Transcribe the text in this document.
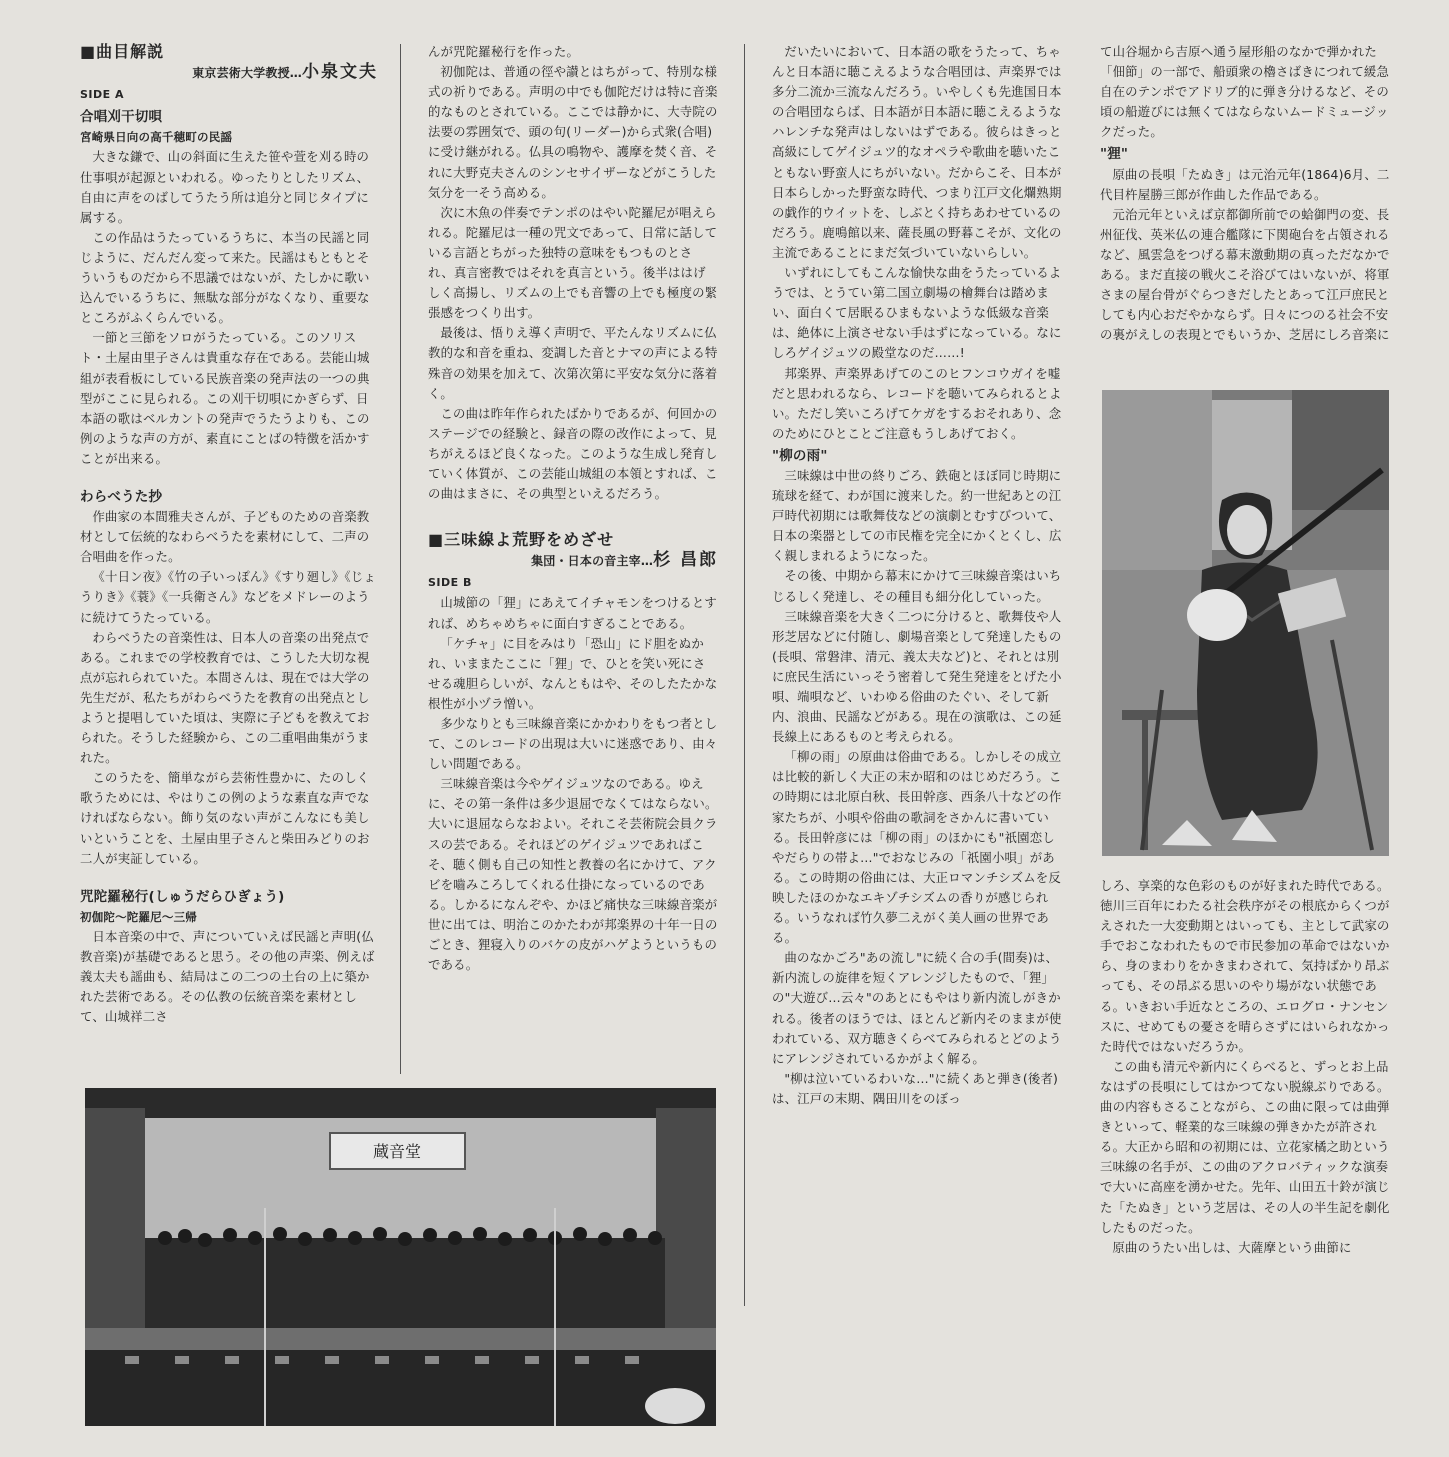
■曲目解説
東京芸術大学教授…小泉文夫
SIDE A
合唱刈干切唄
宮崎県日向の高千穂町の民謡

大きな鎌で、山の斜面に生えた笹や萱を刈る時の仕事唄が起源といわれる。ゆったりとしたリズム、自由に声をのばしてうたう所は追分と同じタイプに属する。

この作品はうたっているうちに、本当の民謡と同じように、だんだん変って来た。民謡はもともとそういうものだから不思議ではないが、たしかに歌い込んでいるうちに、無駄な部分がなくなり、重要なところがふくらんでいる。

一節と三節をソロがうたっている。このソリスト・土屋由里子さんは貴重な存在である。芸能山城組が表看板にしている民族音楽の発声法の一つの典型がここに見られる。この刈干切唄にかぎらず、日本語の歌はベルカントの発声でうたうよりも、この例のような声の方が、素直にことばの特徴を活かすことが出来る。

わらべうた抄

作曲家の本間雅夫さんが、子どものための音楽教材として伝統的なわらべうたを素材にして、二声の合唱曲を作った。

《十日ン夜》《竹の子いっぽん》《すり廻し》《じょうりき》《蓑》《一兵衛さん》などをメドレーのように続けてうたっている。

わらべうたの音楽性は、日本人の音楽の出発点である。これまでの学校教育では、こうした大切な視点が忘れられていた。本間さんは、現在では大学の先生だが、私たちがわらべうたを教育の出発点としようと提唱していた頃は、実際に子どもを教えておられた。そうした経験から、この二重唱曲集がうまれた。

このうたを、簡単ながら芸術性豊かに、たのしく歌うためには、やはりこの例のような素直な声でなければならない。飾り気のない声がこんなにも美しいということを、土屋由里子さんと柴田みどりのお二人が実証している。

咒陀羅秘行(しゅうだらひぎょう)
初伽陀～陀羅尼～三帰

日本音楽の中で、声についていえば民謡と声明(仏教音楽)が基礎であると思う。その他の声楽、例えば義太夫も謡曲も、結局はこの二つの土台の上に築かれた芸術である。その仏教の伝統音楽を素材として、山城祥二さ

んが咒陀羅秘行を作った。

初伽陀は、普通の徑や讃とはちがって、特別な様式の祈りである。声明の中でも伽陀だけは特に音楽的なものとされている。ここでは静かに、大寺院の法要の雰囲気で、頭の句(リーダー)から式衆(合唱)に受け継がれる。仏具の鳴物や、護摩を焚く音、それに大野克夫さんのシンセサイザーなどがこうした気分を一そう高める。

次に木魚の伴奏でテンポのはやい陀羅尼が唱えられる。陀羅尼は一種の咒文であって、日常に話している言語とちがった独特の意味をもつものとされ、真言密教ではそれを真言という。後半ははげしく高揚し、リズムの上でも音響の上でも極度の緊張感をつくり出す。

最後は、悟りえ導く声明で、平たんなリズムに仏教的な和音を重ね、変調した音とナマの声による特殊音の効果を加えて、次第次第に平安な気分に落着く。

この曲は昨年作られたばかりであるが、何回かのステージでの経験と、録音の際の改作によって、見ちがえるほど良くなった。このような生成し発育していく体質が、この芸能山城組の本領とすれば、この曲はまさに、その典型といえるだろう。

■三味線よ荒野をめざせ
集団・日本の音主宰…杉 昌郎
SIDE B

山城節の「狸」にあえてイチャモンをつけるとすれば、めちゃめちゃに面白すぎることである。

「ケチャ」に目をみはり「恐山」にド胆をぬかれ、いままたここに「狸」で、ひとを笑い死にさせる魂胆らしいが、なんともはや、そのしたたかな根性が小ヅラ憎い。

多少なりとも三味線音楽にかかわりをもつ者として、このレコードの出現は大いに迷惑であり、由々しい問題である。

三味線音楽は今やゲイジュツなのである。ゆえに、その第一条件は多少退屈でなくてはならない。大いに退屈ならなおよい。それこそ芸術院会員クラスの芸である。それほどのゲイジュツであればこそ、聴く側も自己の知性と教養の名にかけて、アクビを嚙みころしてくれる仕掛になっているのである。しかるになんぞや、かほど痛快な三味線音楽が世に出ては、明治このかたわが邦楽界の十年一日のごとき、狸寝入りのバケの皮がハゲようというものである。

だいたいにおいて、日本語の歌をうたって、ちゃんと日本語に聴こえるような合唱団は、声楽界では多分二流か三流なんだろう。いやしくも先進国日本の合唱団ならば、日本語が日本語に聴こえるようなハレンチな発声はしないはずである。彼らはきっと高級にしてゲイジュツ的なオペラや歌曲を聴いたこともない野蛮人にちがいない。だからこそ、日本が日本らしかった野蛮な時代、つまり江戸文化爛熟期の戯作的ウイットを、しぶとく持ちあわせているのだろう。鹿鳴館以来、薩長風の野暮こそが、文化の主流であることにまだ気づいていないらしい。

いずれにしてもこんな愉快な曲をうたっているようでは、とうてい第二国立劇場の檜舞台は踏めまい、面白くて居眠るひまもないような低級な音楽は、絶体に上演させない手はずになっている。なにしろゲイジュツの殿堂なのだ……!

邦楽界、声楽界あげてのこのヒフンコウガイを嘘だと思われるなら、レコードを聴いてみられるとよい。ただし笑いころげてケガをするおそれあり、念のためにひとことご注意もうしあげておく。

"柳の雨"

三味線は中世の終りごろ、鉄砲とほぼ同じ時期に琉球を経て、わが国に渡来した。約一世紀あとの江戸時代初期には歌舞伎などの演劇とむすびついて、日本の楽器としての市民権を完全にかくとくし、広く親しまれるようになった。

その後、中期から幕末にかけて三味線音楽はいちじるしく発達し、その種目も細分化していった。

三味線音楽を大きく二つに分けると、歌舞伎や人形芝居などに付随し、劇場音楽として発達したもの(長唄、常磐津、清元、義太夫など)と、それとは別に庶民生活にいっそう密着して発生発達をとげた小唄、端唄など、いわゆる俗曲のたぐい、そして新内、浪曲、民謡などがある。現在の演歌は、この延長線上にあるものと考えられる。

「柳の雨」の原曲は俗曲である。しかしその成立は比較的新しく大正の末か昭和のはじめだろう。この時期には北原白秋、長田幹彦、西条八十などの作家たちが、小唄や俗曲の歌詞をさかんに書いている。長田幹彦には「柳の雨」のほかにも"祇園恋しやだらりの帯よ…"でおなじみの「祇園小唄」がある。この時期の俗曲には、大正ロマンチシズムを反映したほのかなエキゾチシズムの香りが感じられる。いうなれば竹久夢二えがく美人画の世界である。

曲のなかごろ"あの流し"に続く合の手(間奏)は、新内流しの旋律を短くアレンジしたもので、「狸」の"大遊び…云々"のあとにもやはり新内流しがきかれる。後者のほうでは、ほとんど新内そのままが使われている、双方聴きくらべてみられるとどのようにアレンジされているかがよく解る。

"柳は泣いているわいな…"に続くあと弾き(後者)は、江戸の末期、隅田川をのぼっ

て山谷堀から吉原へ通う屋形船のなかで弾かれた「佃節」の一部で、船頭衆の櫓さばきにつれて緩急自在のテンポでアドリブ的に弾き分けるなど、その頃の船遊びには無くてはならないムードミュージックだった。

"狸"

原曲の長唄「たぬき」は元治元年(1864)6月、二代目杵屋勝三郎が作曲した作品である。

元治元年といえば京都御所前での蛤御門の変、長州征伐、英米仏の連合艦隊に下関砲台を占領されるなど、風雲急をつげる幕末激動期の真っただなかである。まだ直接の戦火こそ浴びてはいないが、将軍さまの屋台骨がぐらつきだしたとあって江戸庶民としても内心おだやかならず。日々につのる社会不安の裏がえしの表現とでもいうか、芝居にしろ音楽に

しろ、享楽的な色彩のものが好まれた時代である。徳川三百年にわたる社会秩序がその根底からくつがえされた一大変動期とはいっても、主として武家の手でおこなわれたもので市民参加の革命ではないから、身のまわりをかきまわされて、気持ばかり昂ぶっても、その昂ぶる思いのやり場がない状態である。いきおい手近なところの、エログロ・ナンセンスに、せめてもの憂さを晴らさずにはいられなかった時代ではないだろうか。

この曲も清元や新内にくらべると、ずっとお上品なはずの長唄にしてはかつてない脱線ぶりである。曲の内容もさることながら、この曲に限っては曲弾きといって、軽業的な三味線の弾きかたが許される。大正から昭和の初期には、立花家橘之助という三味線の名手が、この曲のアクロバティックな演奏で大いに高座を湧かせた。先年、山田五十鈴が演じた「たぬき」という芝居は、その人の半生記を劇化したものだった。

原曲のうたい出しは、大薩摩という曲節に

蔵音堂
